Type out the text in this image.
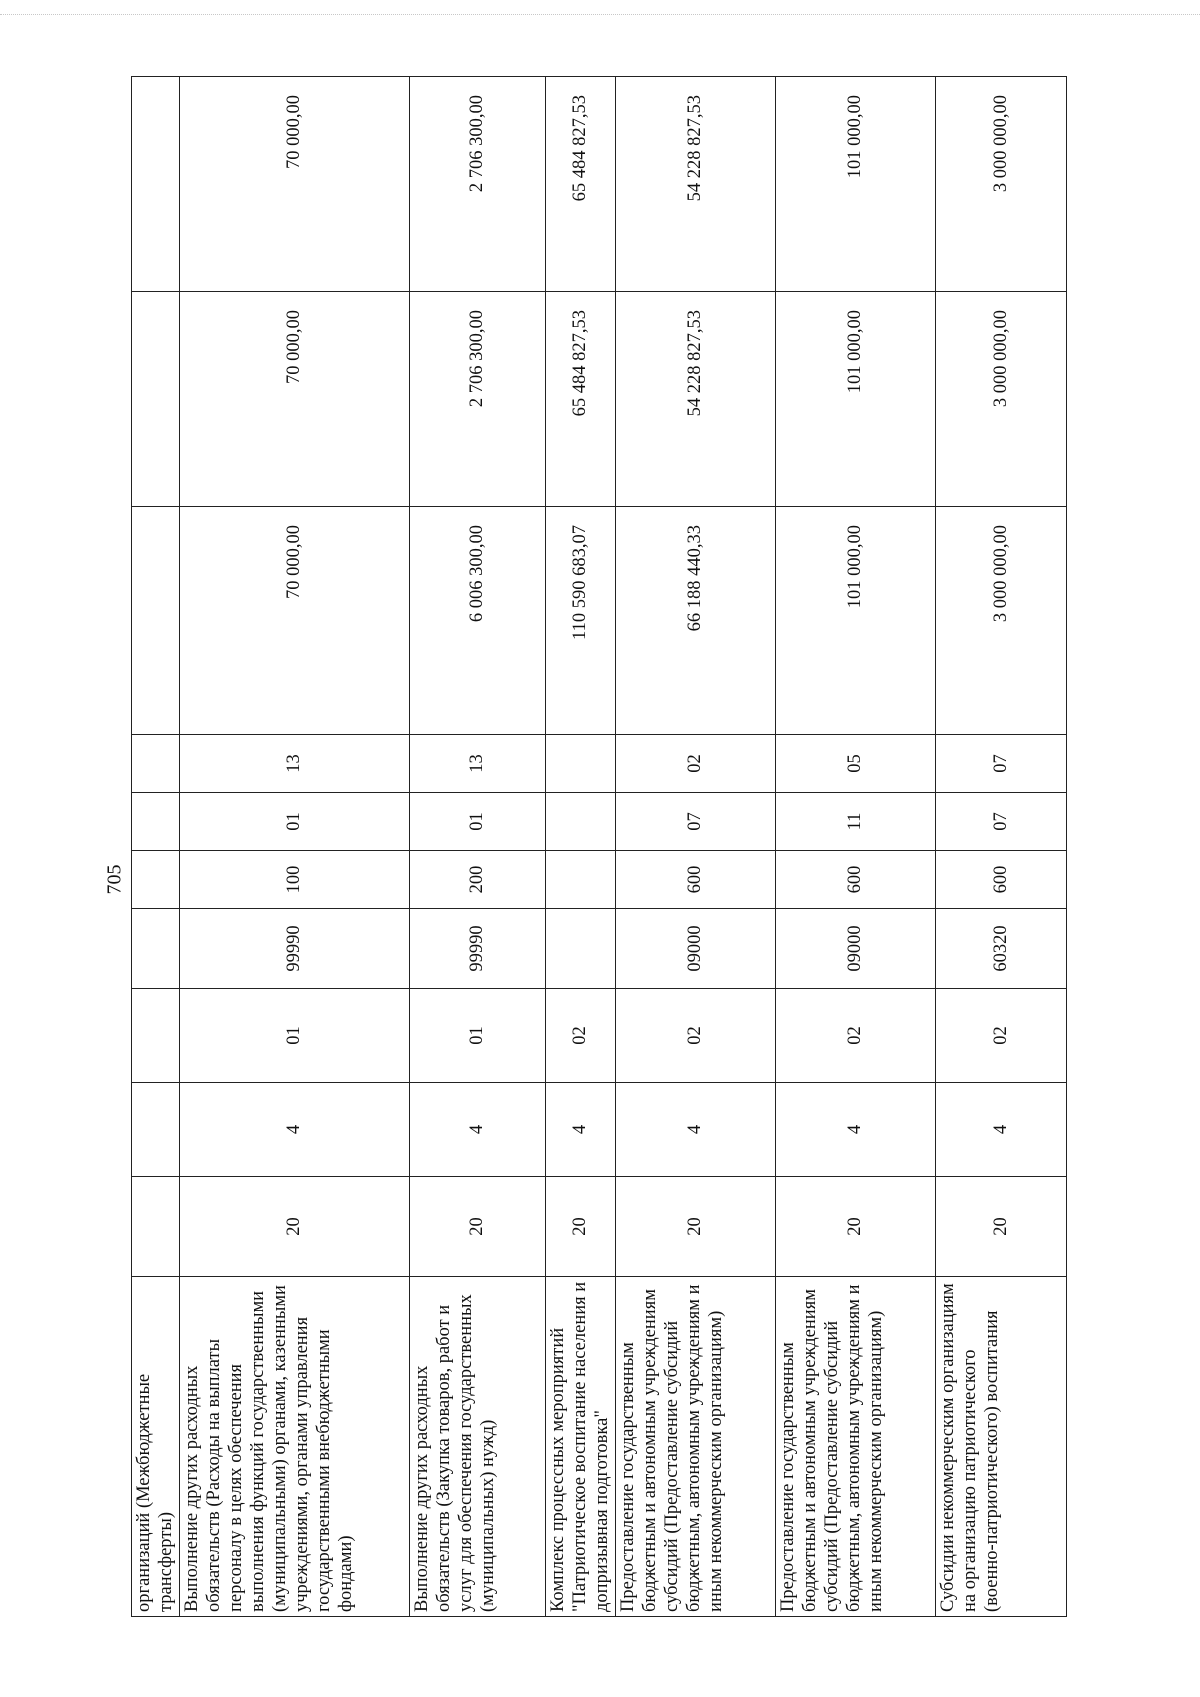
705
организаций (Межбюджетные трансферты)										
Выполнение других расходных обязательств (Расходы на выплаты персоналу в целях обеспечения выполнения функций государственными (муниципальными) органами, казенными учреждениями, органами управления государственными внебюджетными фондами)	20	4	01	99990	100	01	13	70 000,00	70 000,00	70 000,00
Выполнение других расходных обязательств (Закупка товаров, работ и услуг для обеспечения государственных (муниципальных) нужд)	20	4	01	99990	200	01	13	6 006 300,00	2 706 300,00	2 706 300,00
Комплекс процессных мероприятий "Патриотическое воспитание населения и допризывная подготовка"	20	4	02					110 590 683,07	65 484 827,53	65 484 827,53
Предоставление государственным бюджетным и автономным учреждениям субсидий (Предоставление субсидий бюджетным, автономным учреждениям и иным некоммерческим организациям)	20	4	02	09000	600	07	02	66 188 440,33	54 228 827,53	54 228 827,53
Предоставление государственным бюджетным и автономным учреждениям субсидий (Предоставление субсидий бюджетным, автономным учреждениям и иным некоммерческим организациям)	20	4	02	09000	600	11	05	101 000,00	101 000,00	101 000,00
Субсидии некоммерческим организациям на организацию патриотического (военно-патриотического) воспитания	20	4	02	60320	600	07	07	3 000 000,00	3 000 000,00	3 000 000,00
